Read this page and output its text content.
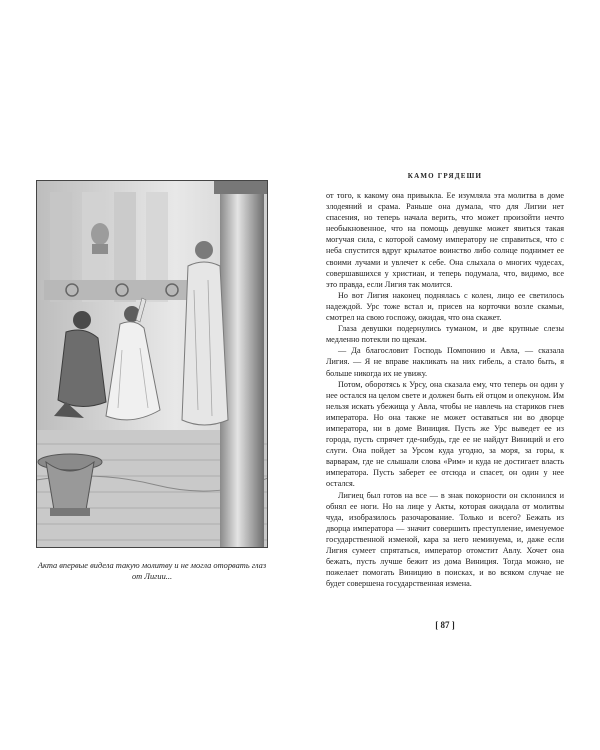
Акта впервые видела такую молитву и не могла оторвать глаз от Лигии...
КАМО ГРЯДЕШИ

от того, к какому она привыкла. Ее изумляла эта молитва в доме злодеяний и срама. Раньше она думала, что для Лигии нет спасения, но теперь начала верить, что может произойти нечто необыкновенное, что на помощь девушке может явиться такая могучая сила, с которой самому императору не справиться, что с неба спустится вдруг крылатое воинство либо солнце поднимет ее своими лучами и увлечет к себе. Она слыхала о многих чудесах, совершавшихся у христиан, и теперь подумала, что, видимо, все это правда, если Лигия так молится.

Но вот Лигия наконец поднялась с колен, лицо ее светилось надеждой. Урс тоже встал и, присев на корточки возле скамьи, смотрел на свою госпожу, ожидая, что она скажет.

Глаза девушки подернулись туманом, и две крупные слезы медленно потекли по щекам.

— Да благословит Господь Помпонию и Авла, — сказала Лигия. — Я не вправе накликать на них гибель, а стало быть, я больше никогда их не увижу.

Потом, оборотясь к Урсу, она сказала ему, что теперь он один у нее остался на целом свете и должен быть ей отцом и опекуном. Им нельзя искать убежища у Авла, чтобы не навлечь на стариков гнев императора. Но она также не может оставаться ни во дворце императора, ни в доме Виниция. Пусть же Урс выведет ее из города, пусть спрячет где-нибудь, где ее не найдут Виниций и его слуги. Она пойдет за Урсом куда угодно, за моря, за горы, к варварам, где не слышали слова «Рим» и куда не достигает власть императора. Пусть заберет ее отсюда и спасет, он один у нее остался.

Лигиец был готов на все — в знак покорности он склонился и обнял ее ноги. Но на лице у Акты, которая ожидала от молитвы чуда, изобразилось разочарование. Только и всего? Бежать из дворца императора — значит совершить преступление, именуемое государственной изменой, кара за него неминуема, и, даже если Лигия сумеет спрятаться, император отомстит Авлу. Хочет она бежать, пусть лучше бежит из дома Виниция. Тогда можно, не пожелает помогать Виницию в поисках, и во всяком случае не будет совершена государственная измена.

[ 87 ]
